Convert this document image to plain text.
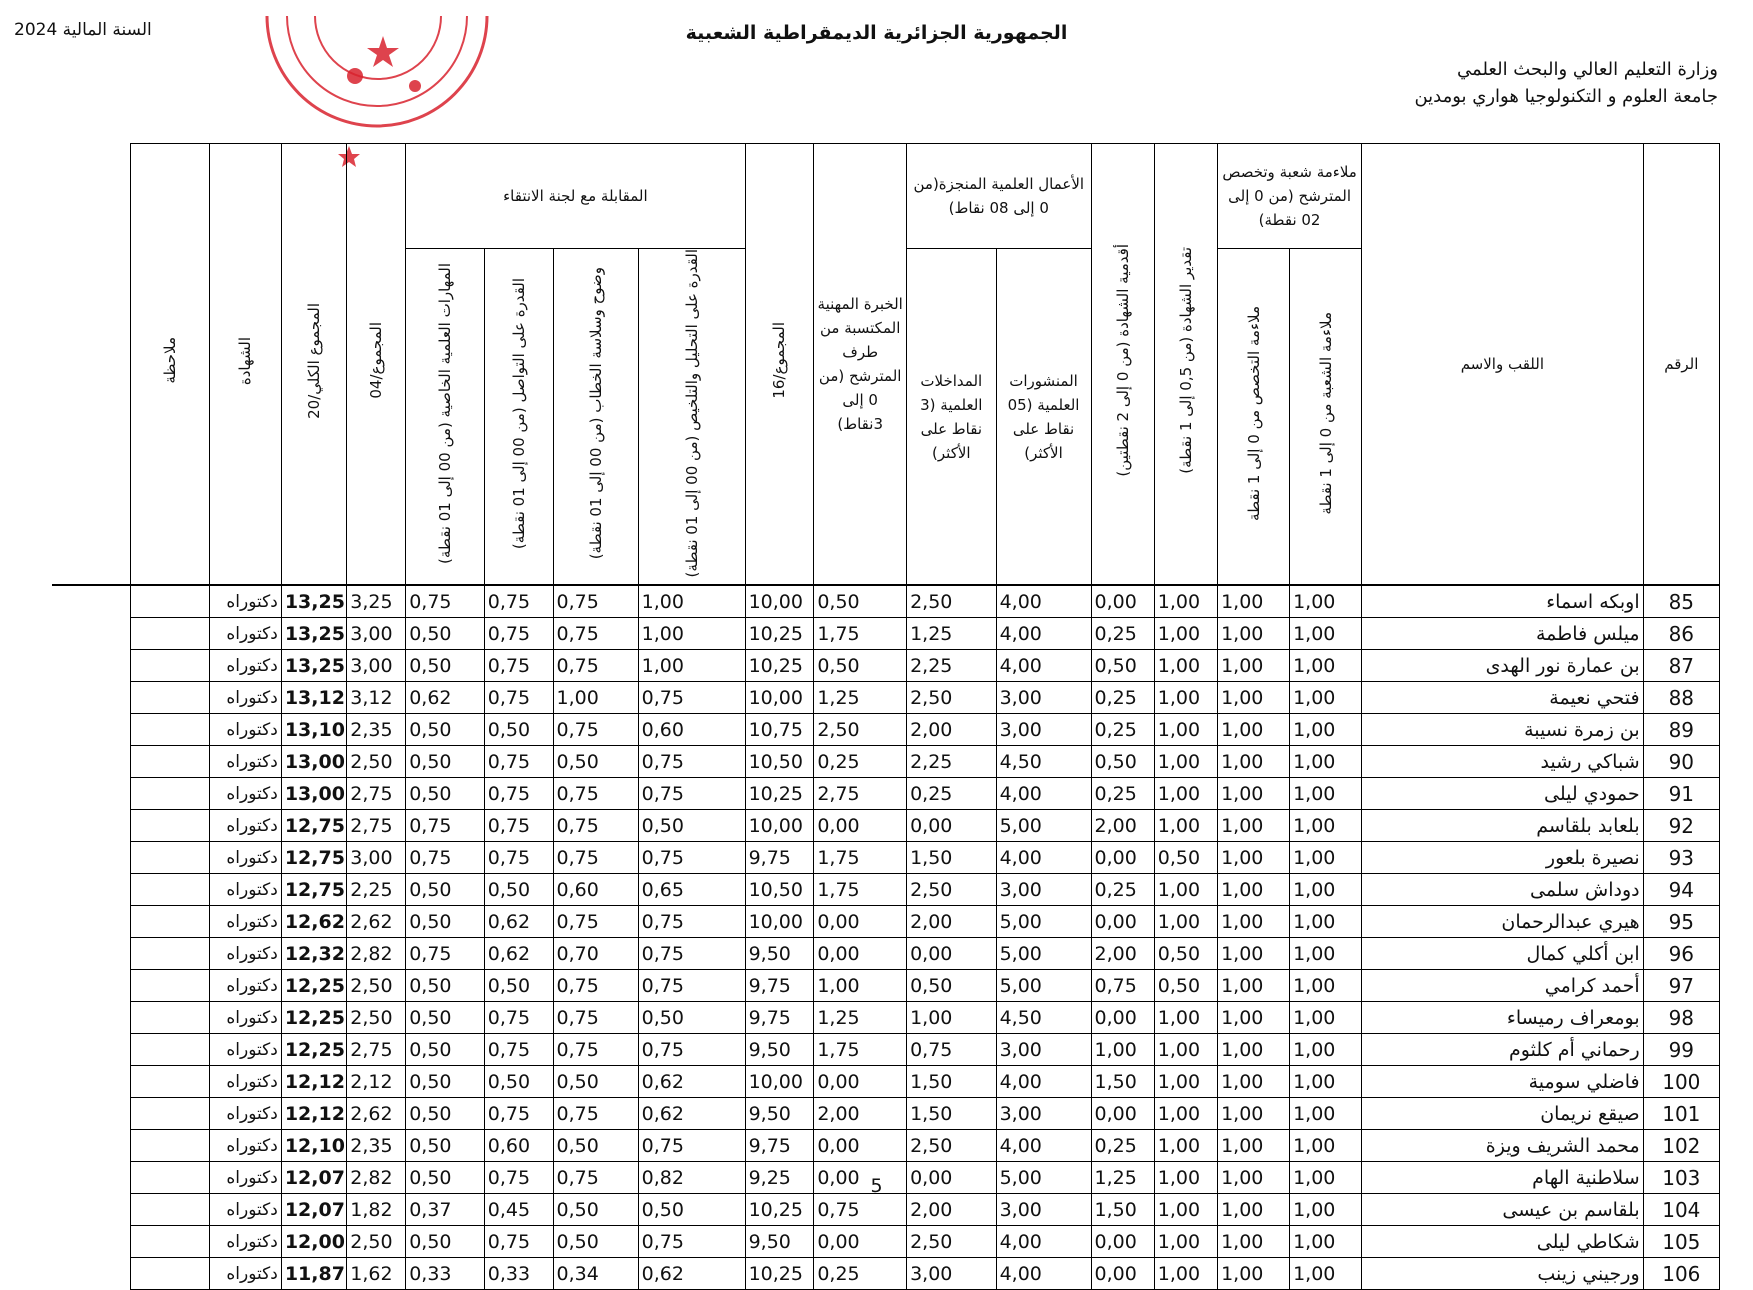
السنة المالية 2024	الجمهورية الجزائرية الديمقراطية الشعبية
وزارة التعليم العالي والبحث العلمي
جامعة العلوم و التكنولوجيا هواري بومدين
الرقم	اللقب والاسم	ملاءمة شعبة وتخصص المترشح (من 0 إلى 02 نقطة)		تقدير الشهادة (من 0,5 إلى 1 نقطة)	أقدمية الشهادة (من 0 إلى 2 نقطتين)	الأعمال العلمية المنجزة(من 0 إلى 08 نقاط)		الخبرة المهنية المكتسبة من طرف المترشح (من 0 إلى 3نقاط)	المجموع/16	المقابلة مع لجنة الانتقاء				المجموع/04	المجموع الكلي/20	الشهادة	ملاحظة
		ملاءمة الشعبة من 0 إلى 1 نقطة	ملاءمة التخصص من 0 إلى 1 نقطة			المنشورات العلمية (05 نقاط على الأكثر)	المداخلات العلمية (3 نقاط على الأكثر)			القدرة على التحليل والتلخيص (من 00 إلى 01 نقطة)	وضوح وسلاسة الخطاب (من 00 إلى 01 نقطة)	القدرة على التواصل (من 00 إلى 01 نقطة)	المهارات العلمية الخاصية (من 00 إلى 01 نقطة)				
85	اوبكه اسماء	1,00	1,00	1,00	0,00	4,00	2,50	0,50	10,00	1,00	0,75	0,75	0,75	3,25	13,25	دكتوراه	
86	ميلس فاطمة	1,00	1,00	1,00	0,25	4,00	1,25	1,75	10,25	1,00	0,75	0,75	0,50	3,00	13,25	دكتوراه	
87	بن عمارة نور الهدى	1,00	1,00	1,00	0,50	4,00	2,25	0,50	10,25	1,00	0,75	0,75	0,50	3,00	13,25	دكتوراه	
88	فتحي نعيمة	1,00	1,00	1,00	0,25	3,00	2,50	1,25	10,00	0,75	1,00	0,75	0,62	3,12	13,12	دكتوراه	
89	بن زمرة نسيبة	1,00	1,00	1,00	0,25	3,00	2,00	2,50	10,75	0,60	0,75	0,50	0,50	2,35	13,10	دكتوراه	
90	شباكي رشيد	1,00	1,00	1,00	0,50	4,50	2,25	0,25	10,50	0,75	0,50	0,75	0,50	2,50	13,00	دكتوراه	
91	حمودي ليلى	1,00	1,00	1,00	0,25	4,00	0,25	2,75	10,25	0,75	0,75	0,75	0,50	2,75	13,00	دكتوراه	
92	بلعابد بلقاسم	1,00	1,00	1,00	2,00	5,00	0,00	0,00	10,00	0,50	0,75	0,75	0,75	2,75	12,75	دكتوراه	
93	نصيرة بلعور	1,00	1,00	0,50	0,00	4,00	1,50	1,75	9,75	0,75	0,75	0,75	0,75	3,00	12,75	دكتوراه	
94	دوداش سلمى	1,00	1,00	1,00	0,25	3,00	2,50	1,75	10,50	0,65	0,60	0,50	0,50	2,25	12,75	دكتوراه	
95	هيري عبدالرحمان	1,00	1,00	1,00	0,00	5,00	2,00	0,00	10,00	0,75	0,75	0,62	0,50	2,62	12,62	دكتوراه	
96	ابن أكلي كمال	1,00	1,00	0,50	2,00	5,00	0,00	0,00	9,50	0,75	0,70	0,62	0,75	2,82	12,32	دكتوراه	
97	أحمد كرامي	1,00	1,00	0,50	0,75	5,00	0,50	1,00	9,75	0,75	0,75	0,50	0,50	2,50	12,25	دكتوراه	
98	بومعراف رميساء	1,00	1,00	1,00	0,00	4,50	1,00	1,25	9,75	0,50	0,75	0,75	0,50	2,50	12,25	دكتوراه	
99	رحماني أم كلثوم	1,00	1,00	1,00	1,00	3,00	0,75	1,75	9,50	0,75	0,75	0,75	0,50	2,75	12,25	دكتوراه	
100	فاضلي سومية	1,00	1,00	1,00	1,50	4,00	1,50	0,00	10,00	0,62	0,50	0,50	0,50	2,12	12,12	دكتوراه	
101	صيقع نريمان	1,00	1,00	1,00	0,00	3,00	1,50	2,00	9,50	0,62	0,75	0,75	0,50	2,62	12,12	دكتوراه	
102	محمد الشريف ويزة	1,00	1,00	1,00	0,25	4,00	2,50	0,00	9,75	0,75	0,50	0,60	0,50	2,35	12,10	دكتوراه	
103	سلاطنية الهام	1,00	1,00	1,00	1,25	5,00	0,00	0,00	9,25	0,82	0,75	0,75	0,50	2,82	12,07	دكتوراه	
104	بلقاسم بن عيسى	1,00	1,00	1,00	1,50	3,00	2,00	0,75	10,25	0,50	0,50	0,45	0,37	1,82	12,07	دكتوراه	
105	شكاطي ليلى	1,00	1,00	1,00	0,00	4,00	2,50	0,00	9,50	0,75	0,50	0,75	0,50	2,50	12,00	دكتوراه	
106	ورجيني زينب	1,00	1,00	1,00	0,00	4,00	3,00	0,25	10,25	0,62	0,34	0,33	0,33	1,62	11,87	دكتوراه	
5
